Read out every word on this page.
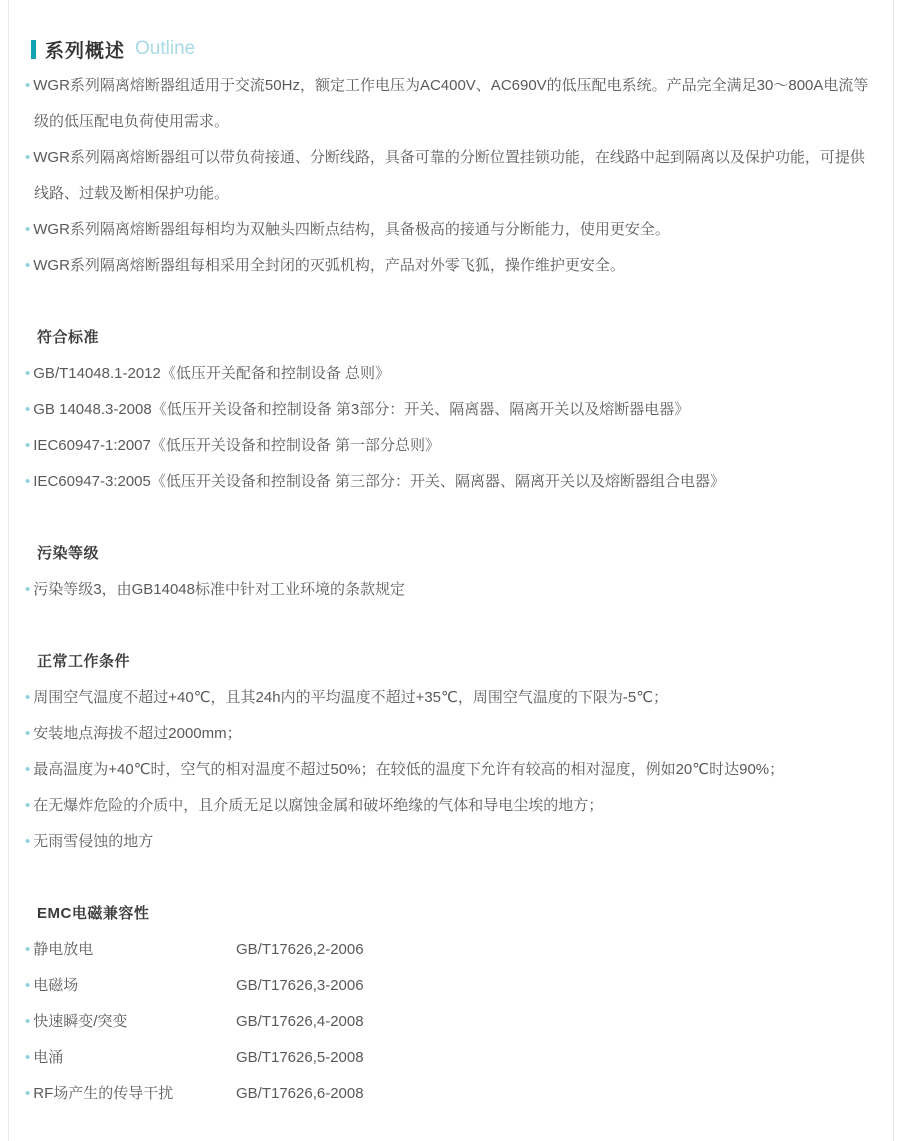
系列概述 Outline
• WGR系列隔离熔断器组适用于交流50Hz，额定工作电压为AC400V、AC690V的低压配电系统。产品完全满足30～800A电流等级的低压配电负荷使用需求。
• WGR系列隔离熔断器组可以带负荷接通、分断线路，具备可靠的分断位置挂锁功能，在线路中起到隔离以及保护功能，可提供线路、过载及断相保护功能。
• WGR系列隔离熔断器组每相均为双触头四断点结构，具备极高的接通与分断能力，使用更安全。
• WGR系列隔离熔断器组每相采用全封闭的灭弧机构，产品对外零飞狐，操作维护更安全。
符合标准
• GB/T14048.1-2012《低压开关配备和控制设备 总则》
• GB 14048.3-2008《低压开关设备和控制设备 第3部分：开关、隔离器、隔离开关以及熔断器电器》
• IEC60947-1:2007《低压开关设备和控制设备 第一部分总则》
• IEC60947-3:2005《低压开关设备和控制设备 第三部分：开关、隔离器、隔离开关以及熔断器组合电器》
污染等级
• 污染等级3，由GB14048标准中针对工业环境的条款规定
正常工作条件
• 周围空气温度不超过+40℃，且其24h内的平均温度不超过+35℃，周围空气温度的下限为-5℃；
• 安装地点海拔不超过2000mm；
• 最高温度为+40℃时，空气的相对温度不超过50%；在较低的温度下允许有较高的相对湿度，例如20℃时达90%；
• 在无爆炸危险的介质中，且介质无足以腐蚀金属和破坏绝缘的气体和导电尘埃的地方；
• 无雨雪侵蚀的地方
EMC电磁兼容性
• 静电放电	GB/T17626,2-2006
• 电磁场	GB/T17626,3-2006
• 快速瞬变/突变	GB/T17626,4-2008
• 电涌	GB/T17626,5-2008
• RF场产生的传导干扰	GB/T17626,6-2008
